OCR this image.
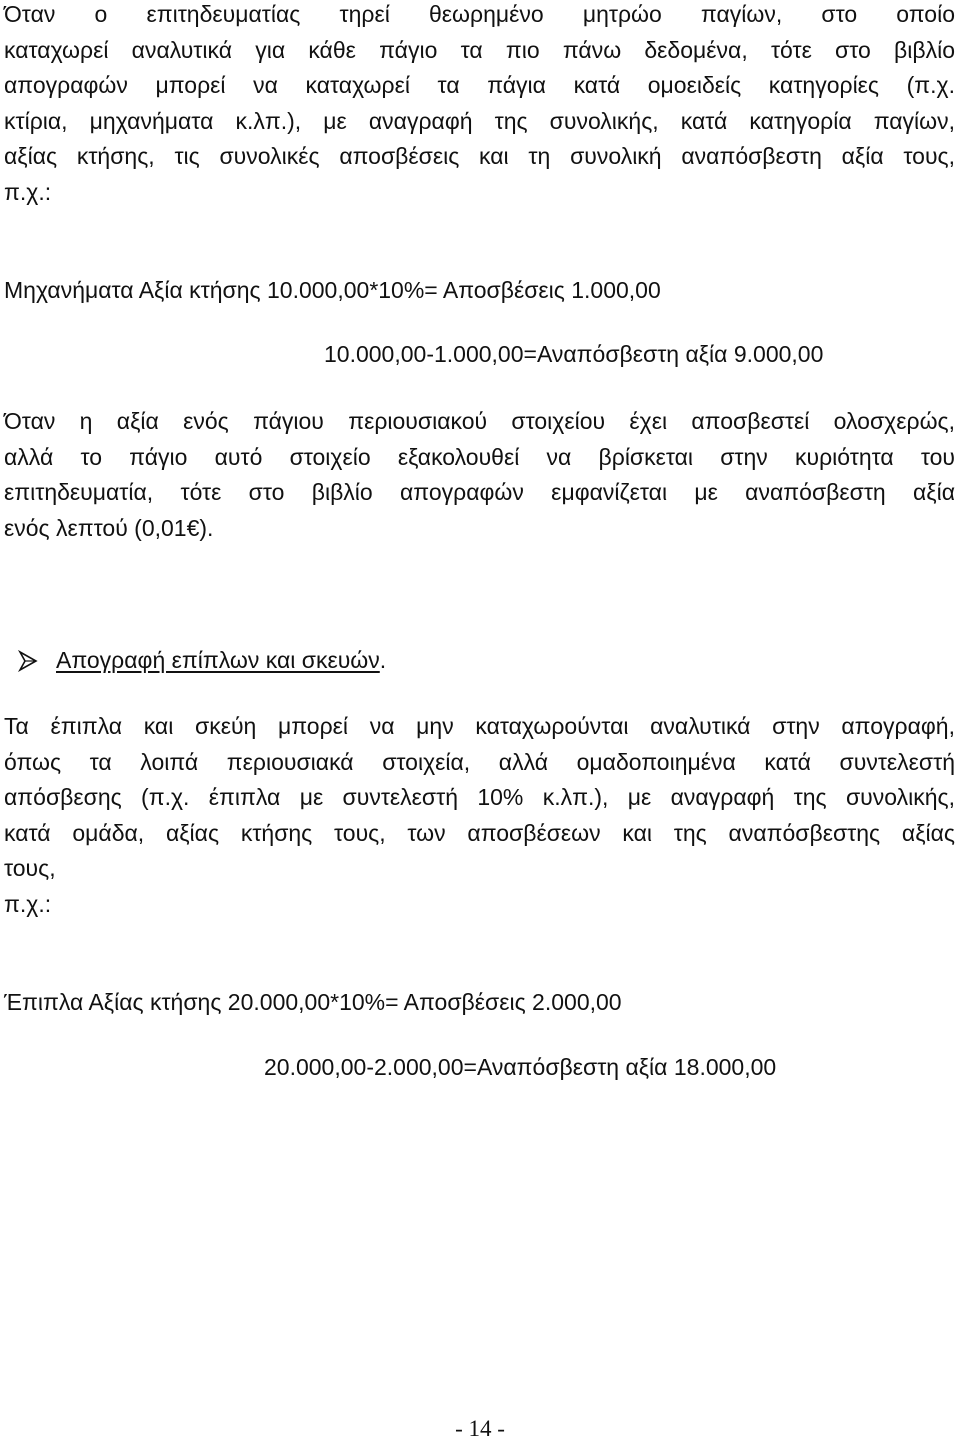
Όταν ο επιτηδευματίας τηρεί θεωρημένο μητρώο παγίων, στο οποίο
καταχωρεί αναλυτικά για κάθε πάγιο τα πιο πάνω δεδομένα, τότε στο βιβλίο
απογραφών μπορεί να καταχωρεί τα πάγια κατά ομοειδείς κατηγορίες (π.χ.
κτίρια, μηχανήματα κ.λπ.), με αναγραφή της συνολικής, κατά κατηγορία παγίων,
αξίας κτήσης, τις συνολικές αποσβέσεις και τη συνολική αναπόσβεστη αξία τους,
π.χ.:
Μηχανήματα Αξία κτήσης 10.000,00*10%= Αποσβέσεις 1.000,00
10.000,00-1.000,00=Αναπόσβεστη αξία 9.000,00
Όταν η αξία ενός πάγιου περιουσιακού στοιχείου έχει αποσβεστεί ολοσχερώς,
αλλά το πάγιο αυτό στοιχείο εξακολουθεί να βρίσκεται στην κυριότητα του
επιτηδευματία, τότε στο βιβλίο απογραφών εμφανίζεται με αναπόσβεστη αξία
ενός λεπτού (0,01€).
Απογραφή επίπλων και σκευών.
Τα έπιπλα και σκεύη μπορεί να μην καταχωρούνται αναλυτικά στην απογραφή,
όπως τα λοιπά περιουσιακά στοιχεία, αλλά ομαδοποιημένα κατά συντελεστή
απόσβεσης (π.χ. έπιπλα με συντελεστή 10% κ.λπ.), με αναγραφή της συνολικής,
κατά ομάδα, αξίας κτήσης τους, των αποσβέσεων και της αναπόσβεστης αξίας
τους,
π.χ.:
Έπιπλα Αξίας κτήσης 20.000,00*10%= Αποσβέσεις 2.000,00
20.000,00-2.000,00=Αναπόσβεστη αξία 18.000,00
- 14 -
